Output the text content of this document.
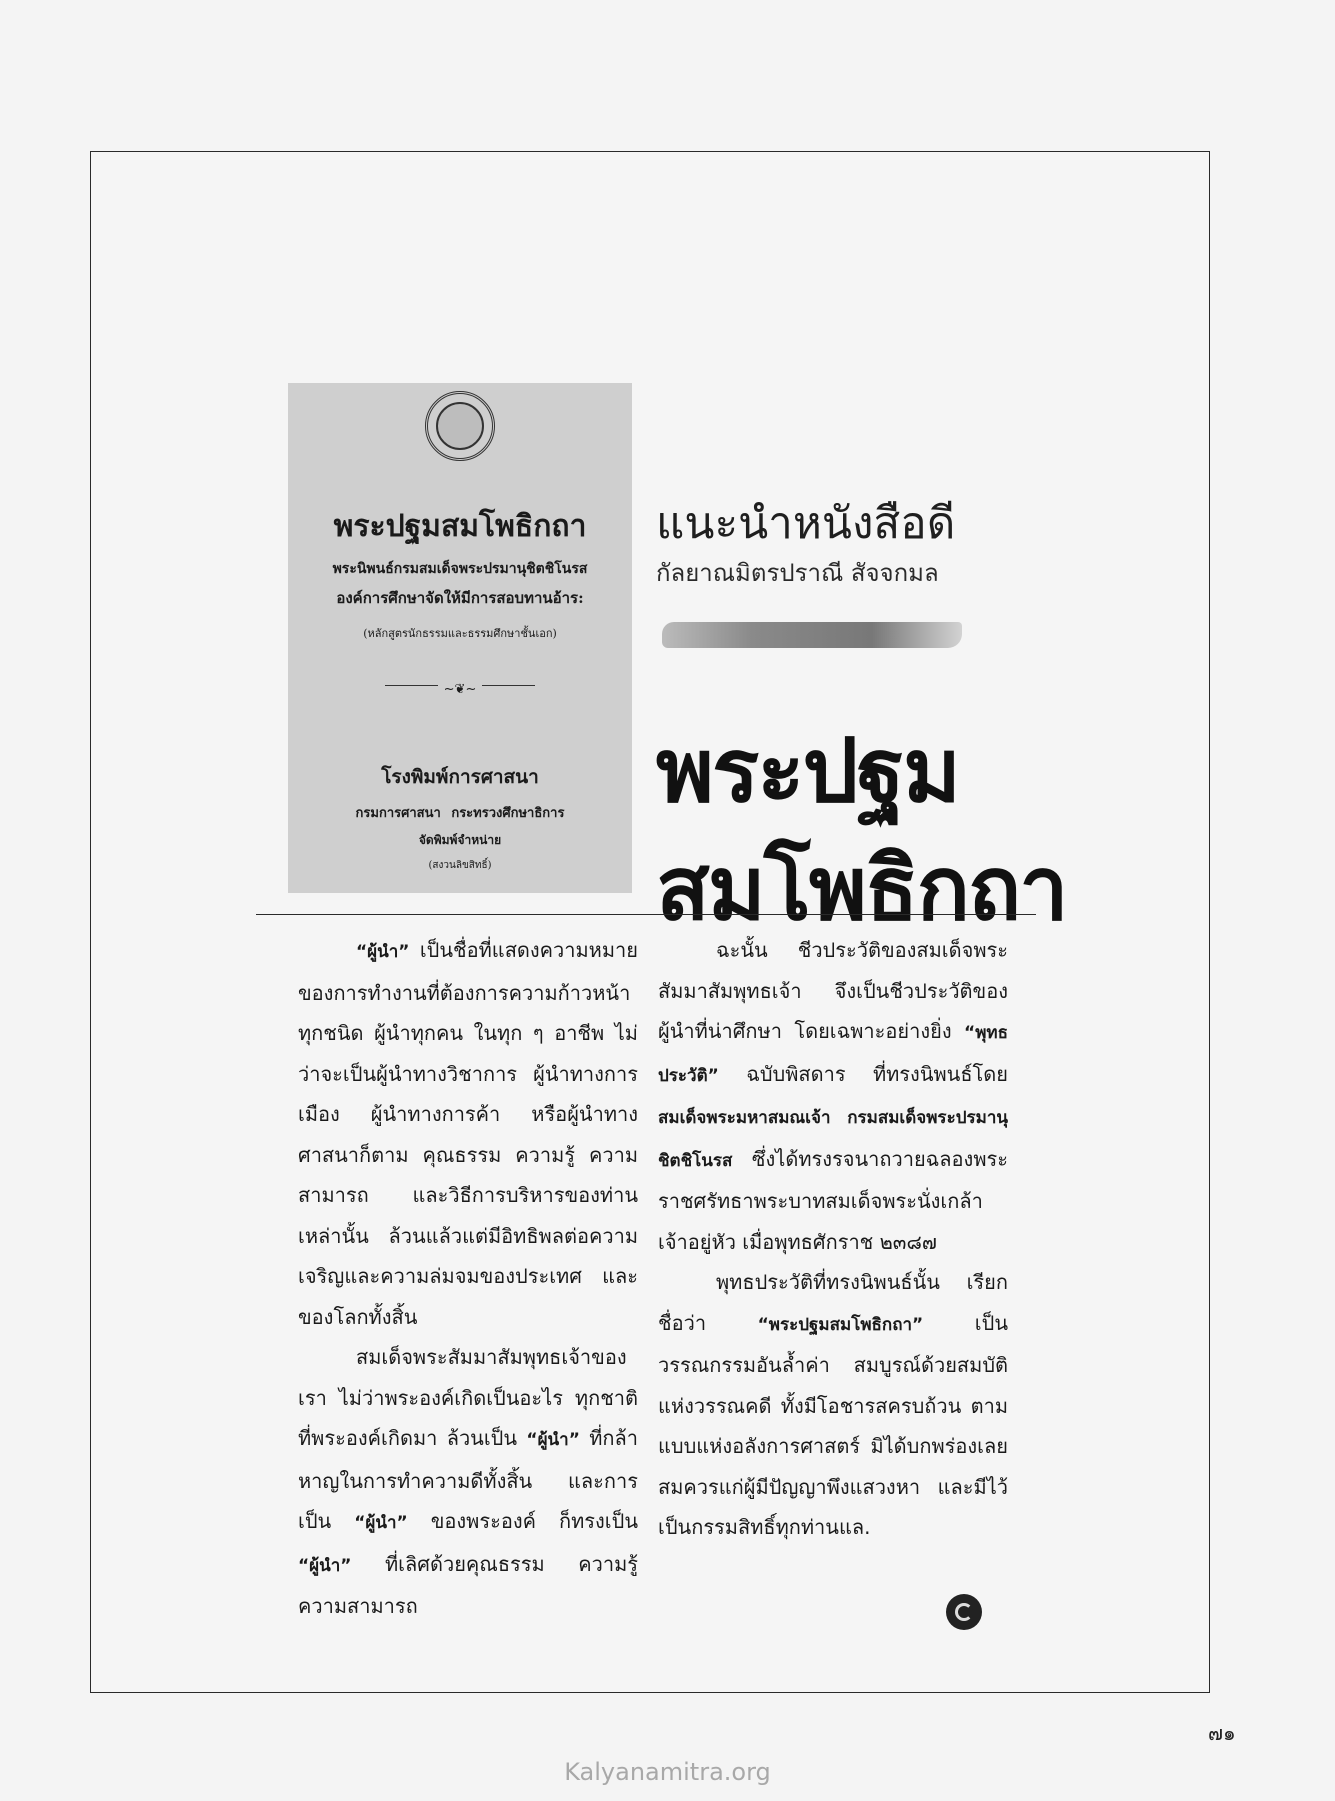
พระปฐมสมโพธิกถา
พระนิพนธ์กรมสมเด็จพระปรมานุชิตชิโนรส
องค์การศึกษาจัดให้มีการสอบทานอ้าร:
(หลักสูตรนักธรรมและธรรมศึกษาชั้นเอก)
~❦~
โรงพิมพ์การศาสนา
กรมการศาสนา กระทรวงศึกษาธิการ
จัดพิมพ์จำหน่าย
(สงวนลิขสิทธิ์)
แนะนำหนังสือดี
กัลยาณมิตรปราณี สัจจกมล
พระปฐม
สมโพธิกถา

“ผู้นำ” เป็นชื่อที่แสดงความหมายของการทำงานที่ต้องการความก้าวหน้าทุกชนิด ผู้นำทุกคน ในทุก ๆ อาชีพ ไม่ว่าจะเป็นผู้นำทางวิชาการ ผู้นำทางการเมือง ผู้นำทางการค้า หรือผู้นำทางศาสนาก็ตาม คุณธรรม ความรู้ ความสามารถ และวิธีการบริหารของท่านเหล่านั้น ล้วนแล้วแต่มีอิทธิพลต่อความเจริญและความล่มจมของประเทศ และของโลกทั้งสิ้น

สมเด็จพระสัมมาสัมพุทธเจ้าของเรา ไม่ว่าพระองค์เกิดเป็นอะไร ทุกชาติที่พระองค์เกิดมา ล้วนเป็น “ผู้นำ” ที่กล้าหาญในการทำความดีทั้งสิ้น และการเป็น “ผู้นำ” ของพระองค์ ก็ทรงเป็น “ผู้นำ” ที่เลิศด้วยคุณธรรม ความรู้ ความสามารถ

ฉะนั้น ชีวประวัติของสมเด็จพระสัมมาสัมพุทธเจ้า จึงเป็นชีวประวัติของผู้นำที่น่าศึกษา โดยเฉพาะอย่างยิ่ง “พุทธประวัติ” ฉบับพิสดาร ที่ทรงนิพนธ์โดย สมเด็จพระมหาสมณเจ้า กรมสมเด็จพระปรมานุชิตชิโนรส ซึ่งได้ทรงรจนาถวายฉลองพระราชศรัทธาพระบาทสมเด็จพระนั่งเกล้าเจ้าอยู่หัว เมื่อพุทธศักราช ๒๓๘๗

พุทธประวัติที่ทรงนิพนธ์นั้น เรียกชื่อว่า “พระปฐมสมโพธิกถา” เป็นวรรณกรรมอันล้ำค่า สมบูรณ์ด้วยสมบัติแห่งวรรณคดี ทั้งมีโอชารสครบถ้วน ตามแบบแห่งอลังการศาสตร์ มิได้บกพร่องเลย สมควรแก่ผู้มีปัญญาพึงแสวงหา และมีไว้เป็นกรรมสิทธิ์ทุกท่านแล.

๗๑
Kalyanamitra.org
